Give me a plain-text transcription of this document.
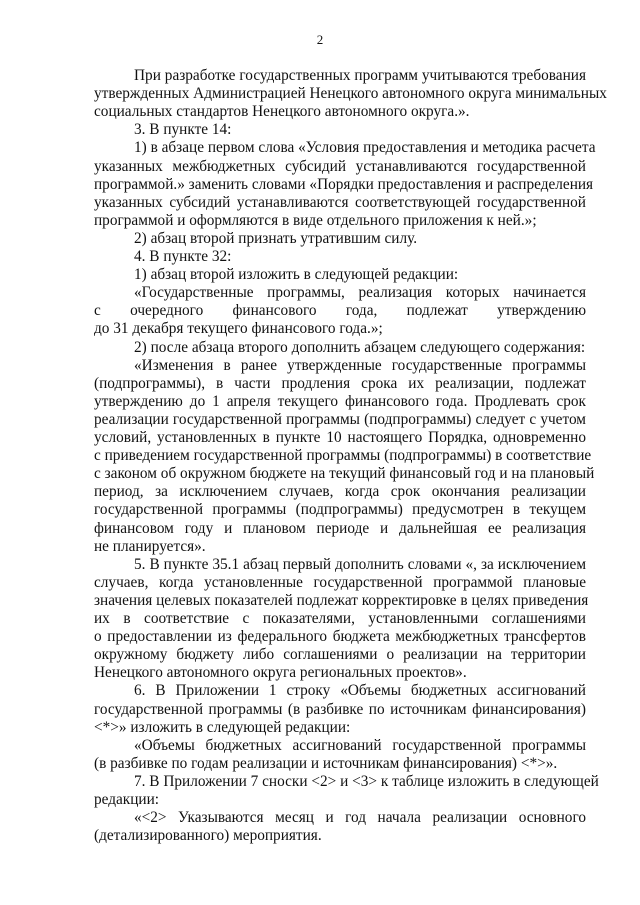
2
При разработке государственных программ учитываются требования
утвержденных Администрацией Ненецкого автономного округа минимальных
социальных стандартов Ненецкого автономного округа.».
3. В пункте 14:
1) в абзаце первом слова «Условия предоставления и методика расчета
указанных межбюджетных субсидий устанавливаются государственной
программой.» заменить словами «Порядки предоставления и распределения
указанных субсидий устанавливаются соответствующей государственной
программой и оформляются в виде отдельного приложения к ней.»;
2) абзац второй признать утратившим силу.
4. В пункте 32:
1) абзац второй изложить в следующей редакции:
«Государственные программы, реализация которых начинается
с очередного финансового года, подлежат утверждению
до 31 декабря текущего финансового года.»;
2) после абзаца второго дополнить абзацем следующего содержания:
«Изменения в ранее утвержденные государственные программы
(подпрограммы), в части продления срока их реализации, подлежат
утверждению до 1 апреля текущего финансового года. Продлевать срок
реализации государственной программы (подпрограммы) следует с учетом
условий, установленных в пункте 10 настоящего Порядка, одновременно
с приведением государственной программы (подпрограммы) в соответствие
с законом об окружном бюджете на текущий финансовый год и на плановый
период, за исключением случаев, когда срок окончания реализации
государственной программы (подпрограммы) предусмотрен в текущем
финансовом году и плановом периоде и дальнейшая ее реализация
не планируется».
5. В пункте 35.1 абзац первый дополнить словами «, за исключением
случаев, когда установленные государственной программой плановые
значения целевых показателей подлежат корректировке в целях приведения
их в соответствие с показателями, установленными соглашениями
о предоставлении из федерального бюджета межбюджетных трансфертов
окружному бюджету либо соглашениями о реализации на территории
Ненецкого автономного округа региональных проектов».
6. В Приложении 1 строку «Объемы бюджетных ассигнований
государственной программы (в разбивке по источникам финансирования)
<*>» изложить в следующей редакции:
«Объемы бюджетных ассигнований государственной программы
(в разбивке по годам реализации и источникам финансирования) <*>».
7. В Приложении 7 сноски <2> и <3> к таблице изложить в следующей
редакции:
«<2> Указываются месяц и год начала реализации основного
(детализированного) мероприятия.
